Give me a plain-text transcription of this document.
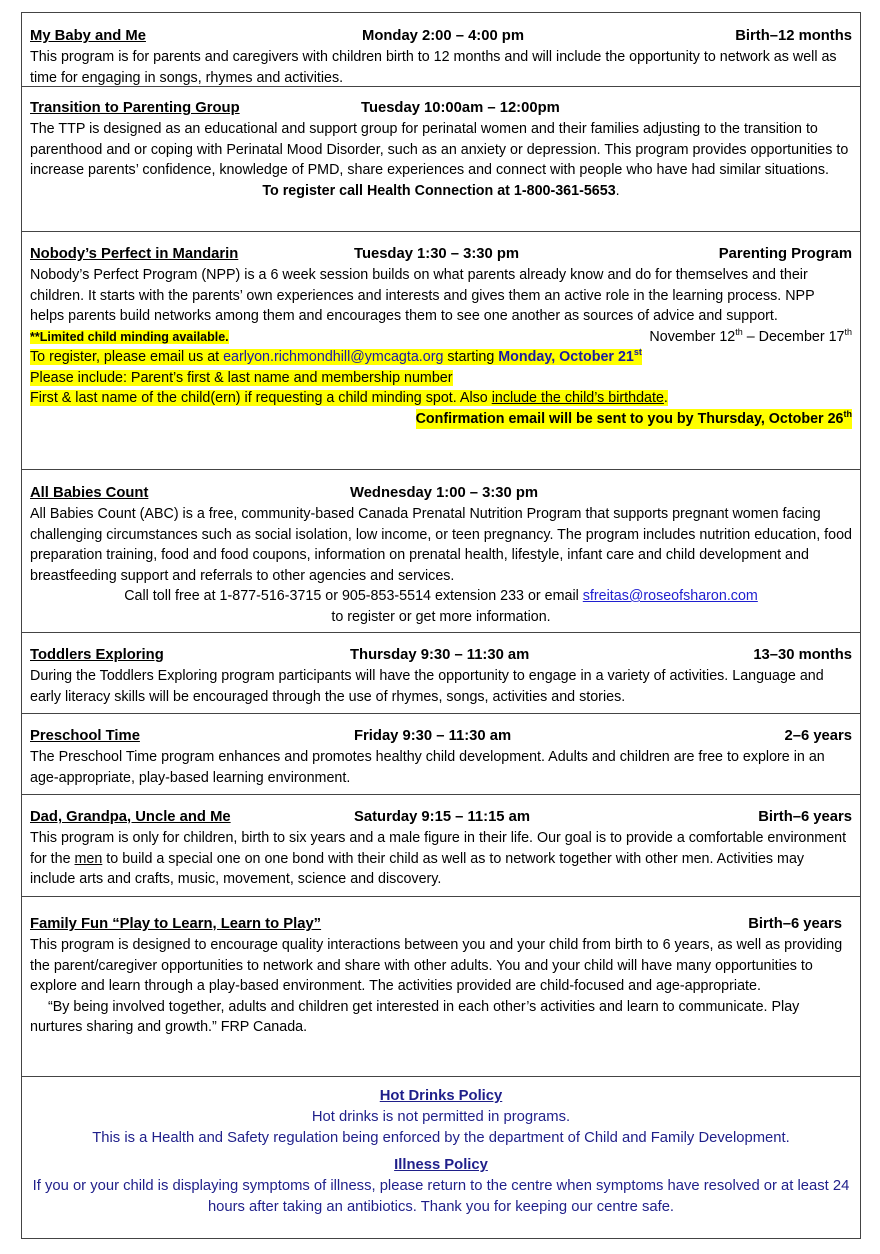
My Baby and Me	Monday 2:00 – 4:00 pm	Birth–12 months

This program is for parents and caregivers with children birth to 12 months and will include the opportunity to network as well as time for engaging in songs, rhymes and activities.

Transition to Parenting Group	Tuesday 10:00am – 12:00pm

The TTP is designed as an educational and support group for perinatal women and their families adjusting to the transition to parenthood and or coping with Perinatal Mood Disorder, such as an anxiety or depression. This program provides opportunities to increase parents’ confidence, knowledge of PMD, share experiences and connect with people who have had similar situations.

To register call Health Connection at 1-800-361-5653.

Nobody’s Perfect in Mandarin	Tuesday 1:30 – 3:30 pm	Parenting Program

Nobody’s Perfect Program (NPP) is a 6 week session builds on what parents already know and do for themselves and their children. It starts with the parents’ own experiences and interests and gives them an active role in the learning process. NPP helps parents build networks among them and encourages them to see one another as sources of advice and support.

**Limited child minding available.	November 12th – December 17th
To register, please email us at earlyon.richmondhill@ymcagta.org starting Monday, October 21st
Please include: Parent’s first & last name and membership number
First & last name of the child(ern) if requesting a child minding spot. Also include the child’s birthdate.
Confirmation email will be sent to you by Thursday, October 26th
All Babies Count	Wednesday 1:00 – 3:30 pm

All Babies Count (ABC) is a free, community-based Canada Prenatal Nutrition Program that supports pregnant women facing challenging circumstances such as social isolation, low income, or teen pregnancy. The program includes nutrition education, food preparation training, food and food coupons, information on prenatal health, lifestyle, infant care and child development and breastfeeding support and referrals to other agencies and services.

Call toll free at 1-877-516-3715 or 905-853-5514 extension 233 or email sfreitas@roseofsharon.com

to register or get more information.

Toddlers Exploring	Thursday 9:30 – 11:30 am	13–30 months

During the Toddlers Exploring program participants will have the opportunity to engage in a variety of activities. Language and early literacy skills will be encouraged through the use of rhymes, songs, activities and stories.

Preschool Time	Friday 9:30 – 11:30 am	2–6 years

The Preschool Time program enhances and promotes healthy child development. Adults and children are free to explore in an age-appropriate, play-based learning environment.

Dad, Grandpa, Uncle and Me	Saturday 9:15 – 11:15 am	Birth–6 years

This program is only for children, birth to six years and a male figure in their life. Our goal is to provide a comfortable environment for the men to build a special one on one bond with their child as well as to network together with other men. Activities may include arts and crafts, music, movement, science and discovery.

Family Fun “Play to Learn, Learn to Play”	Birth–6 years

This program is designed to encourage quality interactions between you and your child from birth to 6 years, as well as providing the parent/caregiver opportunities to network and share with other adults. You and your child will have many opportunities to explore and learn through a play-based environment. The activities provided are child-focused and age-appropriate.

“By being involved together, adults and children get interested in each other’s activities and learn to communicate. Play nurtures sharing and growth.” FRP Canada.

Hot Drinks Policy
Hot drinks is not permitted in programs.
This is a Health and Safety regulation being enforced by the department of Child and Family Development.
Illness Policy
If you or your child is displaying symptoms of illness, please return to the centre when symptoms have resolved or at least 24 hours after taking an antibiotics. Thank you for keeping our centre safe.
